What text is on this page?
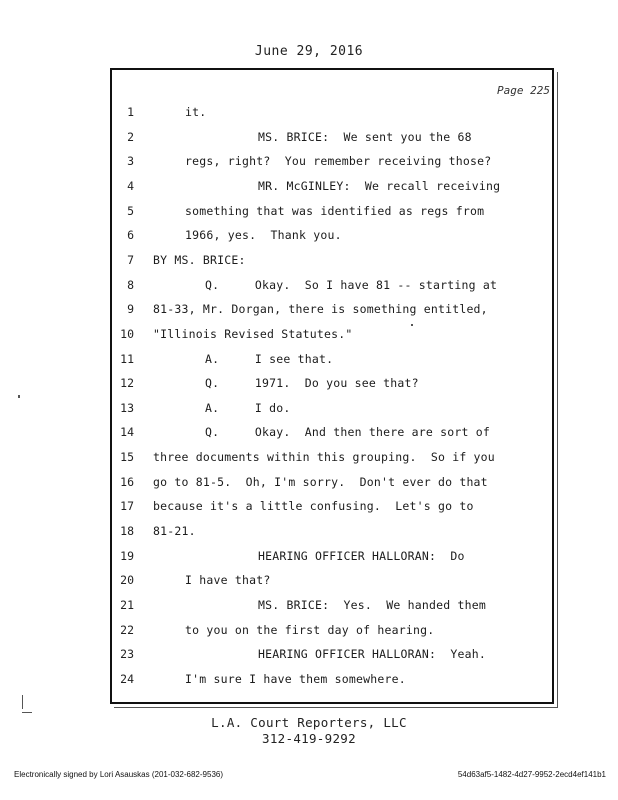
June 29, 2016
Page 225
1	it.
2	MS. BRICE:  We sent you the 68
3	regs, right?  You remember receiving those?
4	MR. McGINLEY:  We recall receiving
5	something that was identified as regs from
6	1966, yes.  Thank you.
7 BY MS. BRICE:
8	Q.     Okay.  So I have 81 -- starting at
9 81-33, Mr. Dorgan, there is something entitled,
10 "Illinois Revised Statutes."
11	A.     I see that.
12	Q.     1971.  Do you see that?
13	A.     I do.
14	Q.     Okay.  And then there are sort of
15 three documents within this grouping.  So if you
16 go to 81-5.  Oh, I'm sorry.  Don't ever do that
17 because it's a little confusing.  Let's go to
18 81-21.
19	HEARING OFFICER HALLORAN:  Do
20	I have that?
21	MS. BRICE:  Yes.  We handed them
22	to you on the first day of hearing.
23	HEARING OFFICER HALLORAN:  Yeah.
24	I'm sure I have them somewhere.
L.A. Court Reporters, LLC
312-419-9292
Electronically signed by Lori Asauskas (201-032-682-9536)	54d63af5-1482-4d27-9952-2ecd4ef141b1
